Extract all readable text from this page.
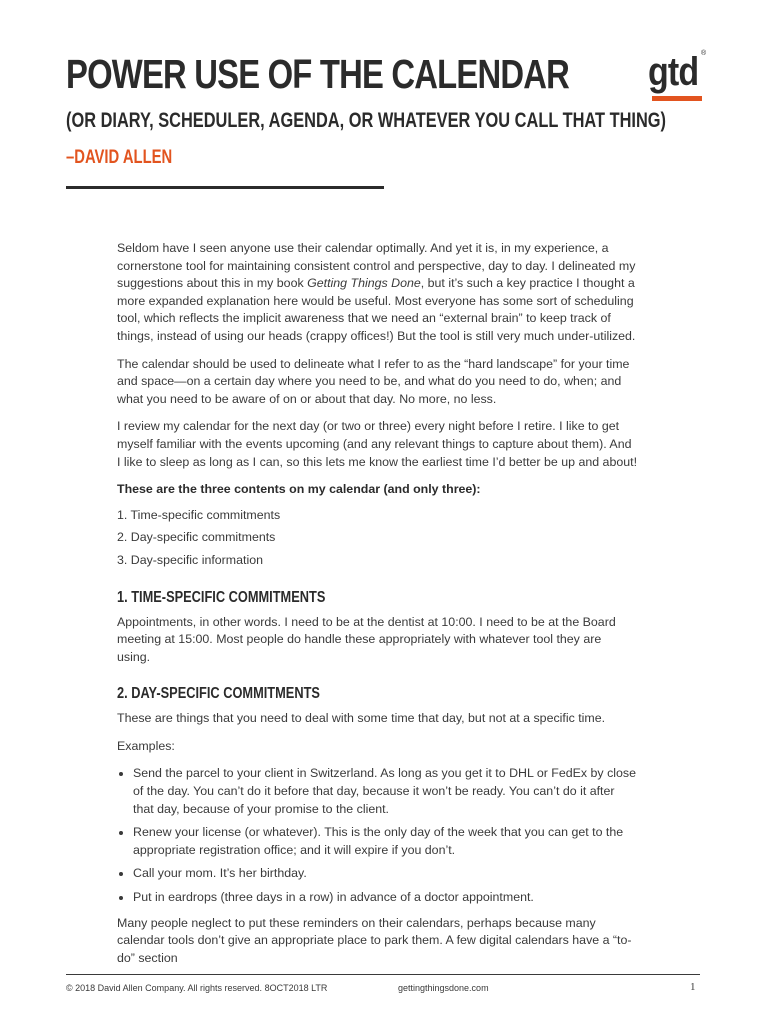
POWER USE OF THE CALENDAR
(OR DIARY, SCHEDULER, AGENDA, OR WHATEVER YOU CALL THAT THING)
–DAVID ALLEN
gtd ®

Seldom have I seen anyone use their calendar optimally. And yet it is, in my experience, a cornerstone tool for maintaining consistent control and perspective, day to day. I delineated my suggestions about this in my book Getting Things Done, but it’s such a key practice I thought a more expanded explanation here would be useful. Most everyone has some sort of scheduling tool, which reflects the implicit awareness that we need an “external brain” to keep track of things, instead of using our heads (crappy offices!) But the tool is still very much under-utilized.

The calendar should be used to delineate what I refer to as the “hard landscape” for your time and space—on a certain day where you need to be, and what do you need to do, when; and what you need to be aware of on or about that day. No more, no less.

I review my calendar for the next day (or two or three) every night before I retire. I like to get myself familiar with the events upcoming (and any relevant things to capture about them). And I like to sleep as long as I can, so this lets me know the earliest time I’d better be up and about!

These are the three contents on my calendar (and only three):

1. Time-specific commitments
2. Day-specific commitments
3. Day-specific information
1. TIME-SPECIFIC COMMITMENTS

Appointments, in other words. I need to be at the dentist at 10:00. I need to be at the Board meeting at 15:00. Most people do handle these appropriately with whatever tool they are using.

2. DAY-SPECIFIC COMMITMENTS

These are things that you need to deal with some time that day, but not at a specific time.

Examples:

• Send the parcel to your client in Switzerland. As long as you get it to DHL or FedEx by close of the day. You can’t do it before that day, because it won’t be ready. You can’t do it after that day, because of your promise to the client.
• Renew your license (or whatever). This is the only day of the week that you can get to the appropriate registration office; and it will expire if you don’t.
• Call your mom. It’s her birthday.
• Put in eardrops (three days in a row) in advance of a doctor appointment.

Many people neglect to put these reminders on their calendars, perhaps because many calendar tools don’t give an appropriate place to park them. A few digital calendars have a “to-do” section

© 2018 David Allen Company. All rights reserved. 8OCT2018 LTR	gettingthingsdone.com	1
